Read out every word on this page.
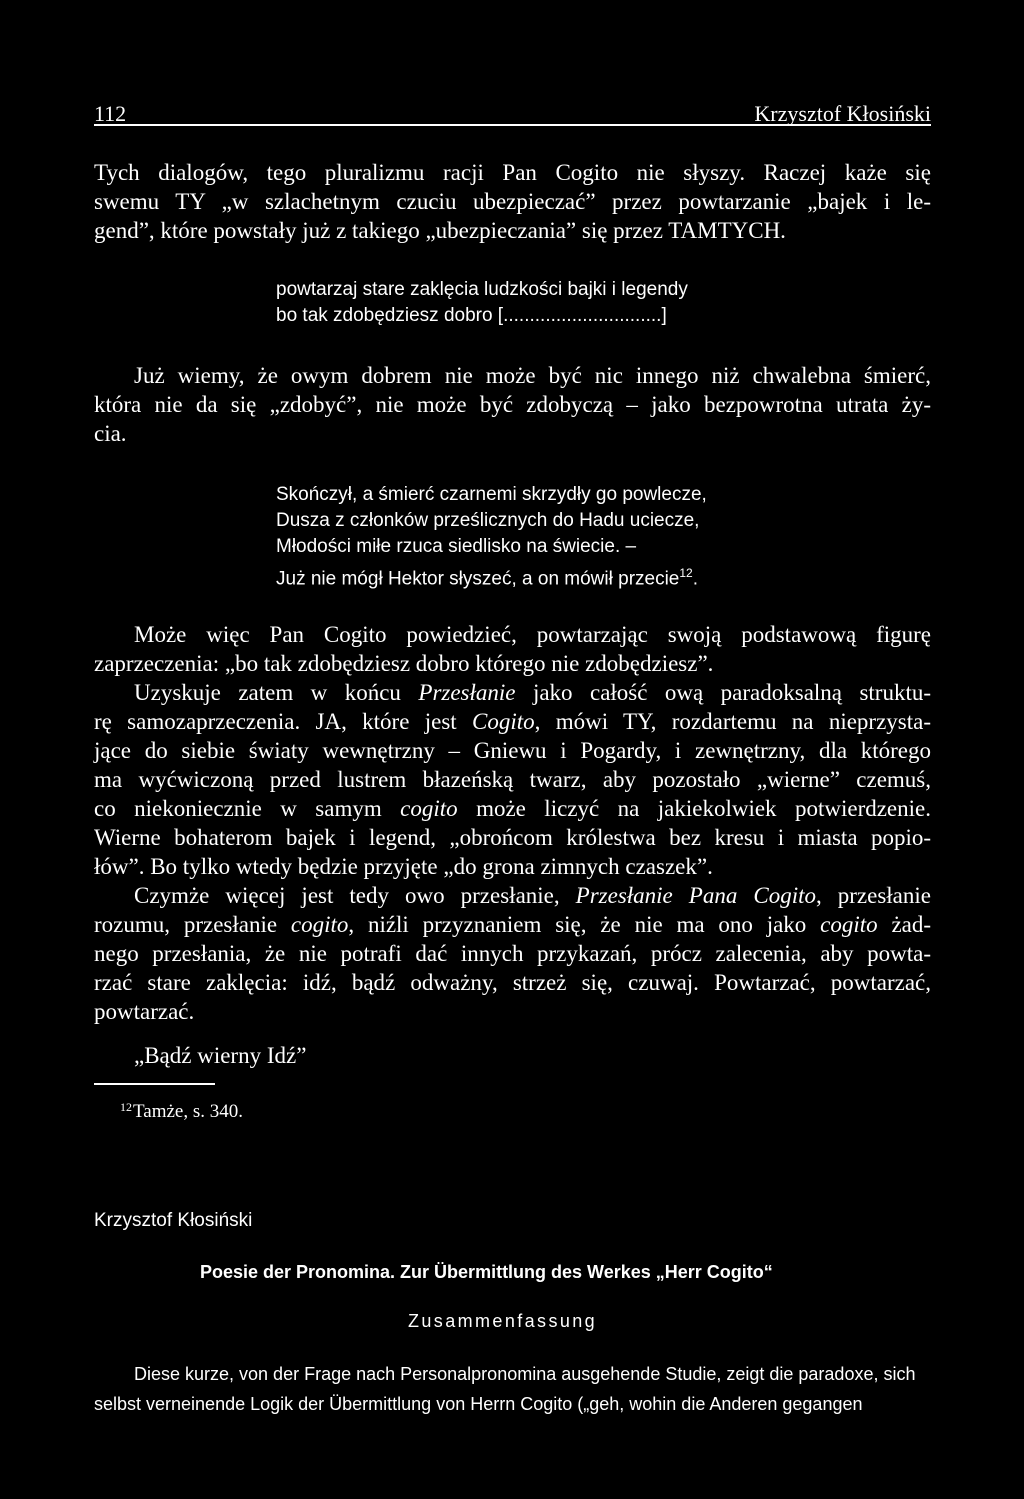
112	Krzysztof Kłosiński
Tych dialogów, tego pluralizmu racji Pan Cogito nie słyszy. Raczej każe się
swemu TY „w szlachetnym czuciu ubezpieczać” przez powtarzanie „bajek i le-
gend”, które powstały już z takiego „ubezpieczania” się przez TAMTYCH.
powtarzaj stare zaklęcia ludzkości bajki i legendy
bo tak zdobędziesz dobro [..............................]
Już wiemy, że owym dobrem nie może być nic innego niż chwalebna śmierć,
która nie da się „zdobyć”, nie może być zdobyczą – jako bezpowrotna utrata ży-
cia.
Skończył, a śmierć czarnemi skrzydły go powlecze,
Dusza z członków prześlicznych do Hadu uciecze,
Młodości miłe rzuca siedlisko na świecie. –
Już nie mógł Hektor słyszeć, a on mówił przecie$^{12}$.
Może więc Pan Cogito powiedzieć, powtarzając swoją podstawową figurę
zaprzeczenia: „bo tak zdobędziesz dobro którego nie zdobędziesz”.
Uzyskuje zatem w końcu Przesłanie jako całość ową paradoksalną struktu-
rę samozaprzeczenia. JA, które jest Cogito, mówi TY, rozdartemu na nieprzysta-
jące do siebie światy wewnętrzny – Gniewu i Pogardy, i zewnętrzny, dla którego
ma wyćwiczoną przed lustrem błazeńską twarz, aby pozostało „wierne” czemuś,
co niekoniecznie w samym cogito może liczyć na jakiekolwiek potwierdzenie.
Wierne bohaterom bajek i legend, „obrońcom królestwa bez kresu i miasta popio-
łów”. Bo tylko wtedy będzie przyjęte „do grona zimnych czaszek”.
Czymże więcej jest tedy owo przesłanie, Przesłanie Pana Cogito, przesłanie
rozumu, przesłanie cogito, niźli przyznaniem się, że nie ma ono jako cogito żad-
nego przesłania, że nie potrafi dać innych przykazań, prócz zalecenia, aby powta-
rzać stare zaklęcia: idź, bądź odważny, strzeż się, czuwaj. Powtarzać, powtarzać,
powtarzać.
„Bądź wierny Idź”
$^{12}$Tamże, s. 340.
Krzysztof Kłosiński
Poesie der Pronomina. Zur Übermittlung des Werkes „Herr Cogito“
Zusammenfassung
Diese kurze, von der Frage nach Personalpronomina ausgehende Studie, zeigt die paradoxe, sich
selbst verneinende Logik der Übermittlung von Herrn Cogito („geh, wohin die Anderen gegangen
